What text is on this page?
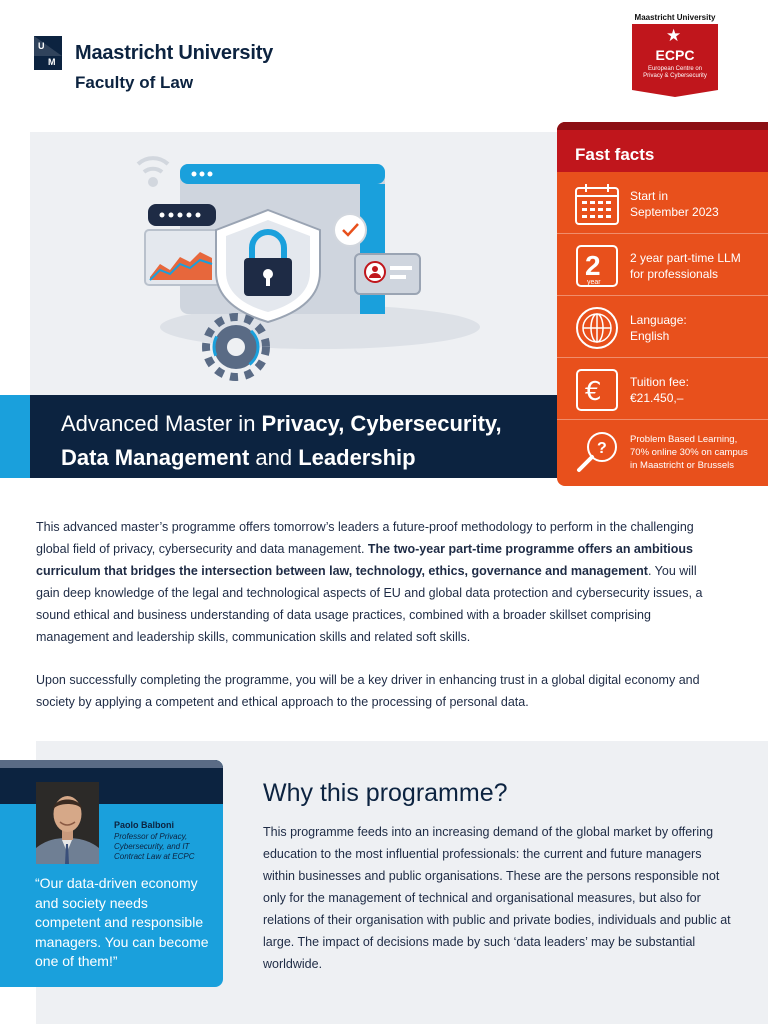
U
M Maastricht University
Faculty of Law
Maastricht University
★
ECPC
European Centre on
Privacy & Cybersecurity
Advanced Master in Privacy, Cybersecurity,
Data Management and Leadership
Fast facts
Start in
September 2023
2
year
2 year part-time LLM
for professionals
Language:
English
€ Tuition fee:
€21.450,–
?
Problem Based Learning,
70% online 30% on campus
in Maastricht or Brussels
This advanced master’s programme offers tomorrow’s leaders a future-proof methodology to perform in the challenging global field of privacy, cybersecurity and data management. The two-year part-time programme offers an ambitious curriculum that bridges the intersection between law, technology, ethics, governance and management. You will gain deep knowledge of the legal and technological aspects of EU and global data protection and cybersecurity issues, a sound ethical and business understanding of data usage practices, combined with a broader skillset comprising management and leadership skills, communication skills and related soft skills.
Upon successfully completing the programme, you will be a key driver in enhancing trust in a global digital economy and society by applying a competent and ethical approach to the processing of personal data.
Paolo Balboni
Professor of Privacy, Cybersecurity, and IT Contract Law at ECPC
“Our data-driven economy and society needs competent and responsible managers. You can become one of them!”
Why this programme?
This programme feeds into an increasing demand of the global market by offering education to the most influential professionals: the current and future managers within businesses and public organisations. These are the persons responsible not only for the management of technical and organisational measures, but also for relations of their organisation with public and private bodies, individuals and public at large. The impact of decisions made by such ‘data leaders’ may be substantial worldwide.
